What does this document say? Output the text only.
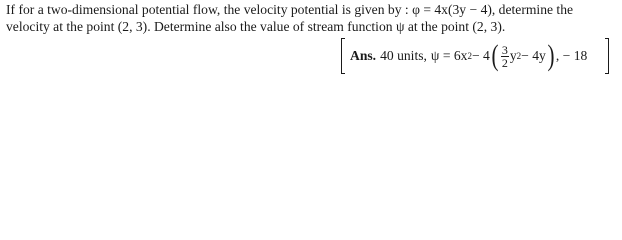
If for a two-dimensional potential flow, the velocity potential is given by : φ = 4x(3y − 4), determine the
velocity at the point (2, 3). Determine also the value of stream function ψ at the point (2, 3).
Ans. 40 units, ψ = 6x 2 − 4 ( $\frac{3}{2}$ y 2 − 4y ) , − 18
